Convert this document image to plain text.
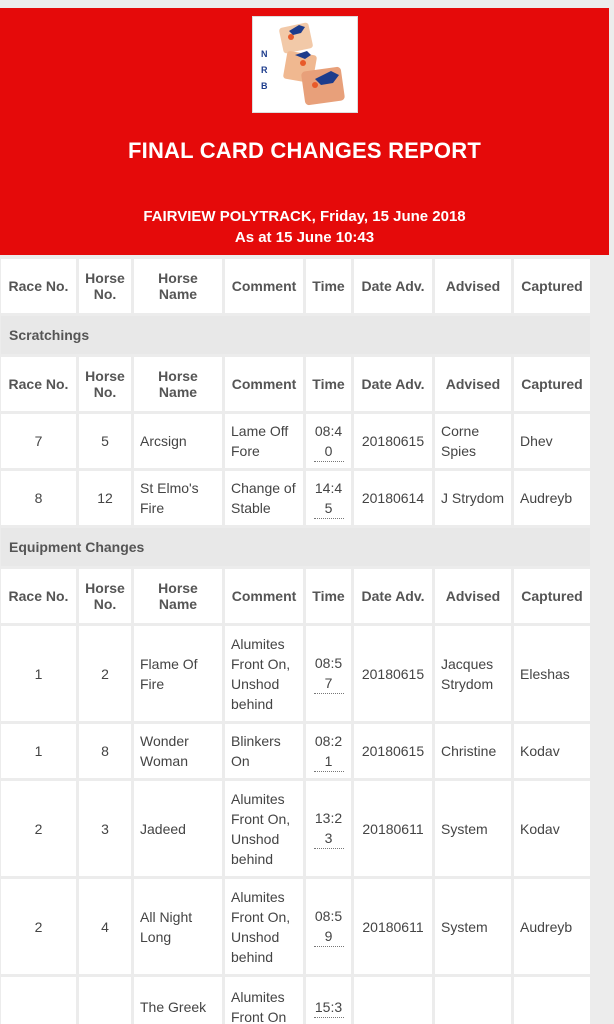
N
R
B
FINAL CARD CHANGES REPORT
FAIRVIEW POLYTRACK, Friday, 15 June 2018
As at 15 June 10:43
Race No.	Horse No.	Horse Name	Comment	Time	Date Adv.	Advised	Captured
Scratchings							
Race No.	Horse No.	Horse Name	Comment	Time	Date Adv.	Advised	Captured
7	5	Arcsign	Lame Off Fore	08:40	20180615	Corne Spies	Dhev
8	12	St Elmo's Fire	Change of Stable	14:45	20180614	J Strydom	Audreyb
Equipment Changes							
Race No.	Horse No.	Horse Name	Comment	Time	Date Adv.	Advised	Captured
1	2	Flame Of Fire	Alumites Front On, Unshod behind	08:57	20180615	Jacques Strydom	Eleshas
1	8	Wonder Woman	Blinkers On	08:21	20180615	Christine	Kodav
2	3	Jadeed	Alumites Front On, Unshod behind	13:23	20180611	System	Kodav
2	4	All Night Long	Alumites Front On, Unshod behind	08:59	20180611	System	Audreyb
		The Greek	Alumites Front On	15:3			
